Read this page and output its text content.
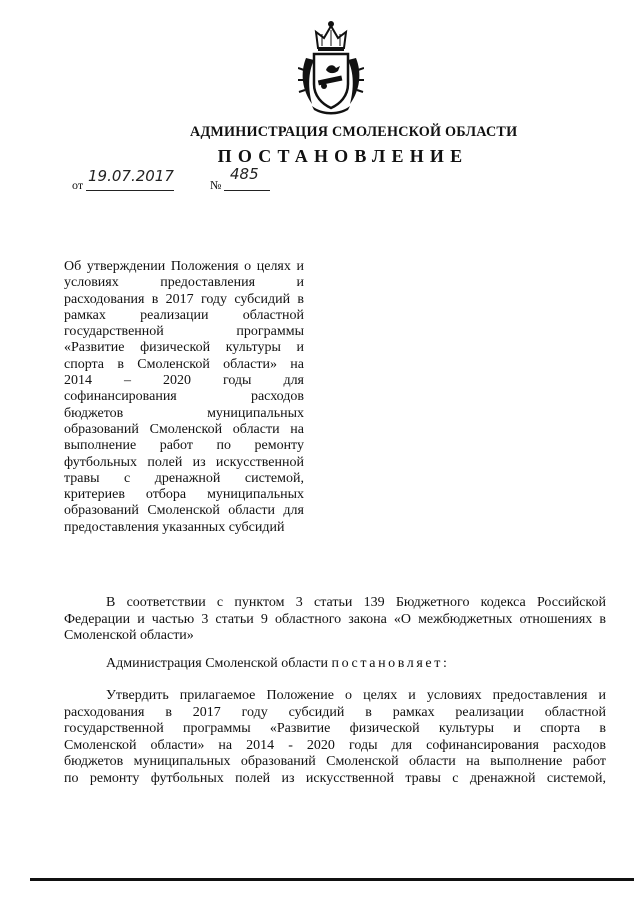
АДМИНИСТРАЦИЯ СМОЛЕНСКОЙ ОБЛАСТИ
ПОСТАНОВЛЕНИЕ
от 19.07.2017	№
485
Об утверждении Положения о целях и
условиях предоставления и
расходования в 2017 году субсидий в
рамках реализации областной
государственной программы
«Развитие физической культуры и
спорта в Смоленской области» на
2014 – 2020 годы для
софинансирования расходов
бюджетов муниципальных
образований Смоленской области на
выполнение работ по ремонту
футбольных полей из искусственной
травы с дренажной системой,
критериев отбора муниципальных
образований Смоленской области для
предоставления указанных субсидий
В соответствии с пунктом 3 статьи 139 Бюджетного кодекса Российской
Федерации и частью 3 статьи 9 областного закона «О межбюджетных отношениях в
Смоленской области»
Администрация Смоленской области постановляет:
Утвердить прилагаемое Положение о целях и условиях предоставления и
расходования в 2017 году субсидий в рамках реализации областной
государственной программы «Развитие физической культуры и спорта в
Смоленской области» на 2014 - 2020 годы для софинансирования расходов
бюджетов муниципальных образований Смоленской области на выполнение работ
по ремонту футбольных полей из искусственной травы с дренажной системой,
